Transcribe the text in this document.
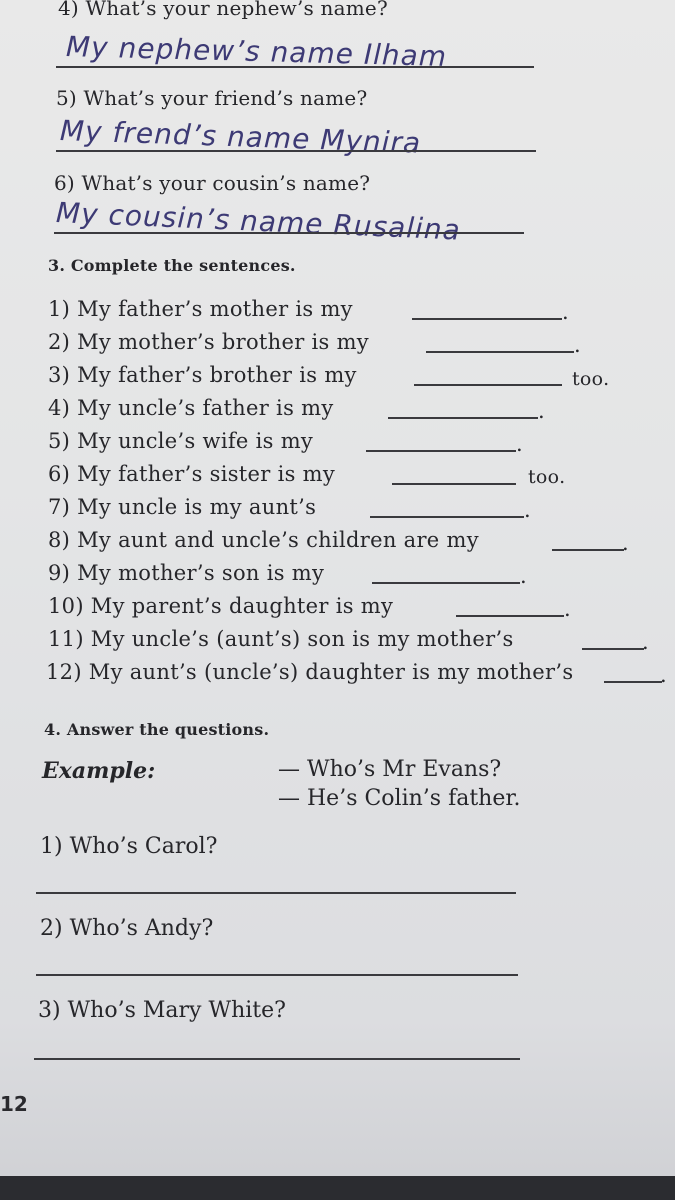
4) What’s your nephew’s name?
My nephew’s name Ilham
5) What’s your friend’s name?
My frend’s name Mynira
6) What’s your cousin’s name?
My cousin’s name Rusalina
3. Complete the sentences.
1) My father’s mother is my	.
2) My mother’s brother is my	.
3) My father’s brother is my	too.
4) My uncle’s father is my	.
5) My uncle’s wife is my	.
6) My father’s sister is my	too.
7) My uncle is my aunt’s	.
8) My aunt and uncle’s children are my	.
9) My mother’s son is my	.
10) My parent’s daughter is my	.
11) My uncle’s (aunt’s) son is my mother’s	.
12) My aunt’s (uncle’s) daughter is my mother’s	.
4. Answer the questions.
Example:	— Who’s Mr Evans?
— He’s Colin’s father.
1) Who’s Carol?
2) Who’s Andy?
3) Who’s Mary White?
12
